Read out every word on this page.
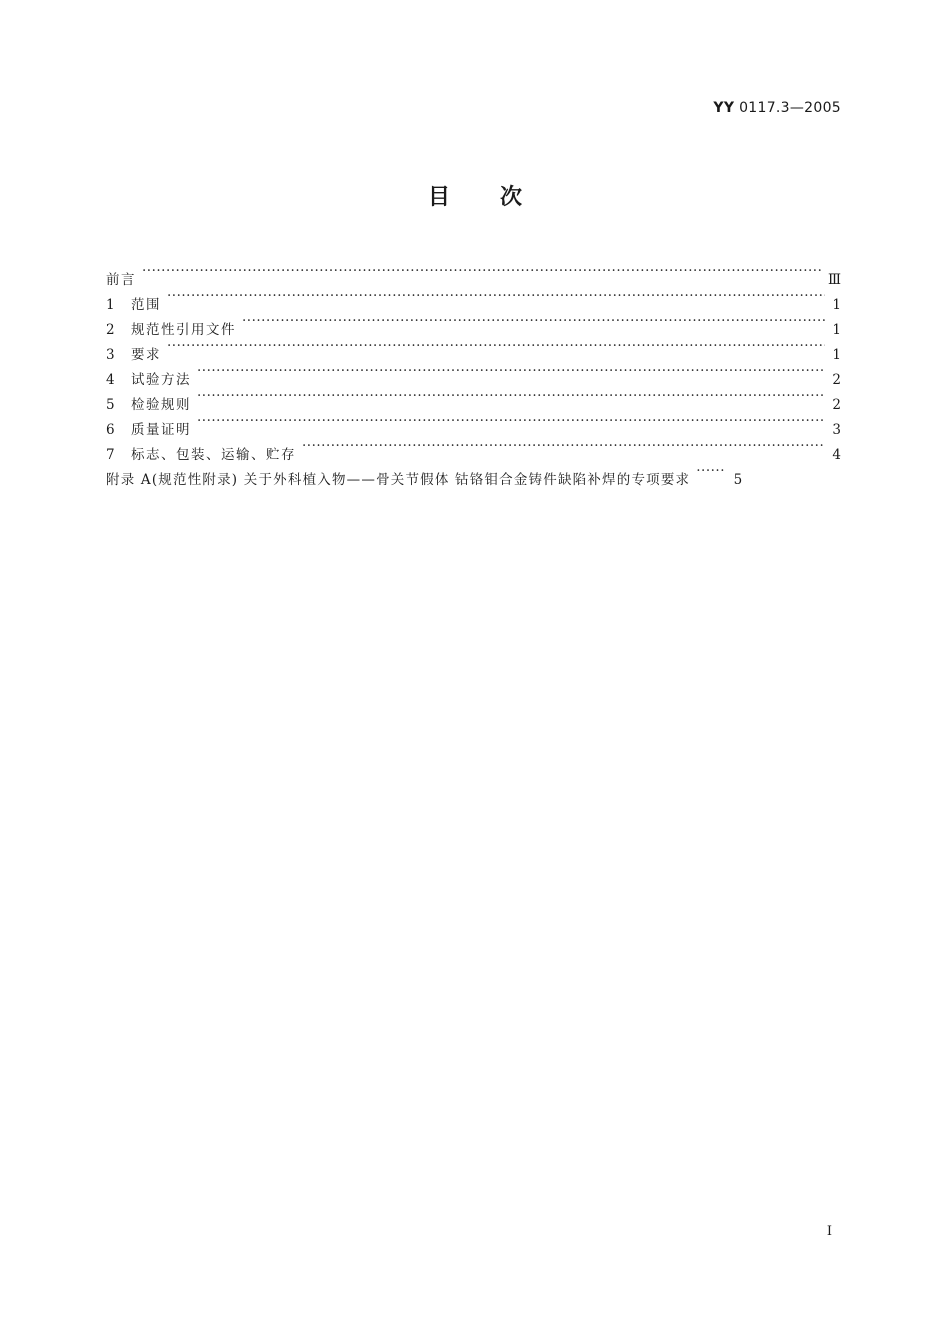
YY 0117.3—2005
目次
前言 ·····	Ⅲ
1	范围 ·····	1
2	规范性引用文件 ·····	1
3	要求 ·····	1
4	试验方法 ·····	2
5	检验规则 ·····	2
6	质量证明 ·····	3
7	标志、包装、运输、贮存 ·····	4
附录 A(规范性附录) 关于外科植入物——骨关节假体 钴铬钼合金铸件缺陷补焊的专项要求 ·····	5
I
